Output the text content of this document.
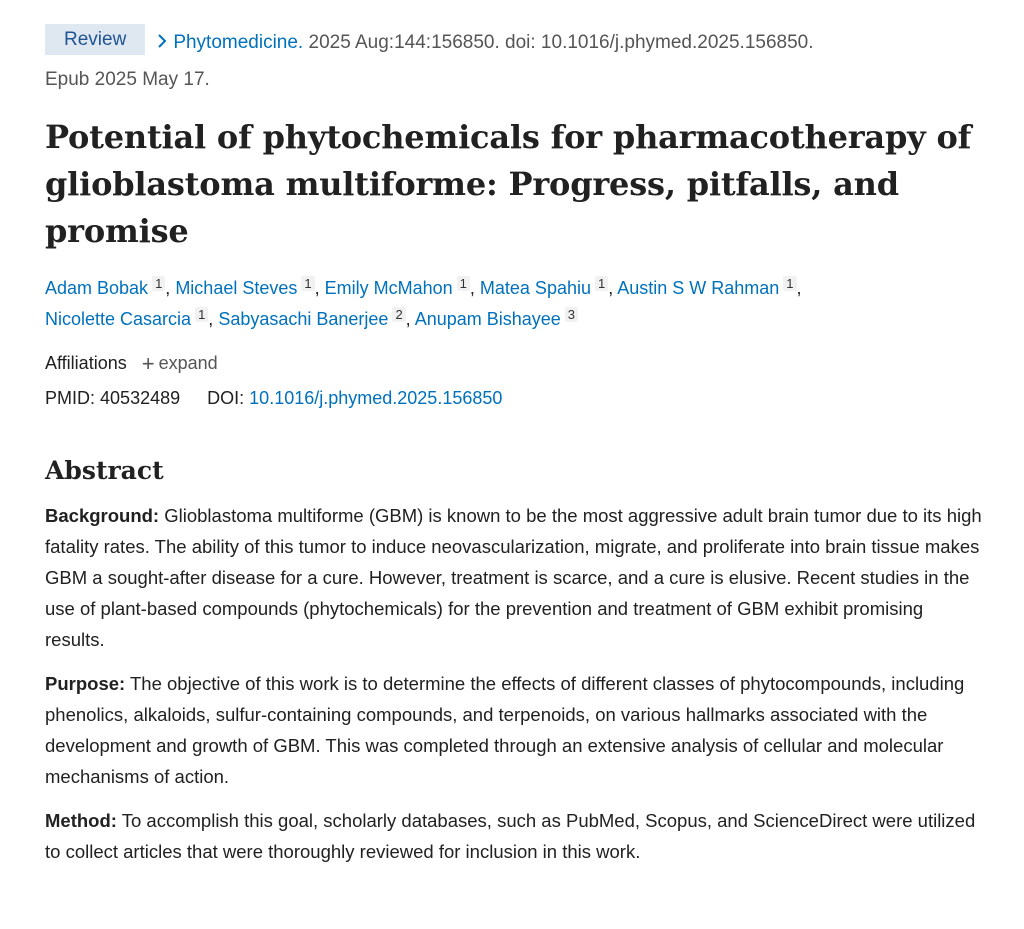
Review Phytomedicine. 2025 Aug:144:156850. doi: 10.1016/j.phymed.2025.156850.
Epub 2025 May 17.
Potential of phytochemicals for pharmacotherapy of glioblastoma multiforme: Progress, pitfalls, and promise
Adam Bobak 1 , Michael Steves 1 , Emily McMahon 1 , Matea Spahiu 1 , Austin S W Rahman 1 ,
Nicolette Casarcia 1 , Sabyasachi Banerjee 2 , Anupam Bishayee 3
Affiliations + expand
PMID: 40532489 DOI: 10.1016/j.phymed.2025.156850
Abstract

Background: Glioblastoma multiforme (GBM) is known to be the most aggressive adult brain tumor due to its high fatality rates. The ability of this tumor to induce neovascularization, migrate, and proliferate into brain tissue makes GBM a sought-after disease for a cure. However, treatment is scarce, and a cure is elusive. Recent studies in the use of plant-based compounds (phytochemicals) for the prevention and treatment of GBM exhibit promising results.

Purpose: The objective of this work is to determine the effects of different classes of phytocompounds, including phenolics, alkaloids, sulfur-containing compounds, and terpenoids, on various hallmarks associated with the development and growth of GBM. This was completed through an extensive analysis of cellular and molecular mechanisms of action.

Method: To accomplish this goal, scholarly databases, such as PubMed, Scopus, and ScienceDirect were utilized to collect articles that were thoroughly reviewed for inclusion in this work.
